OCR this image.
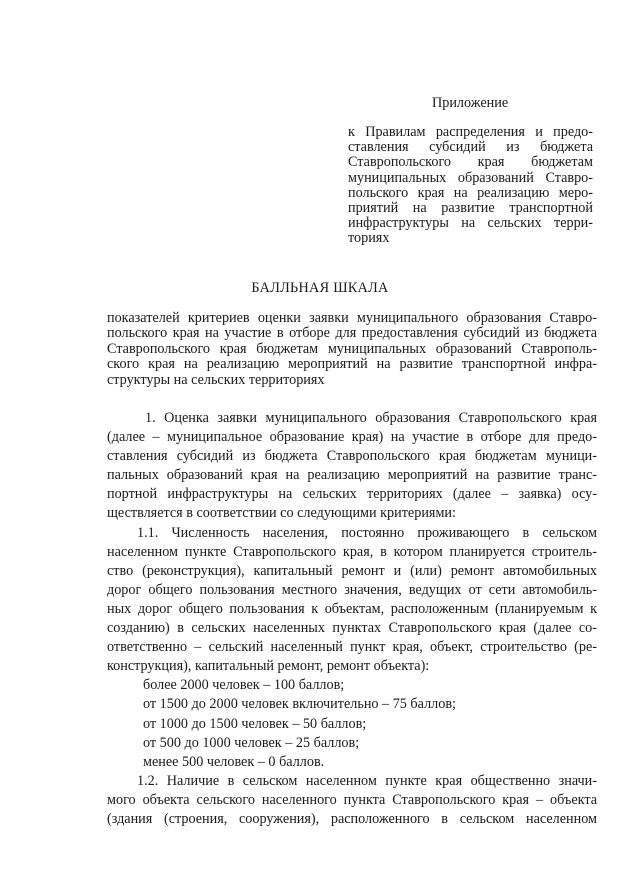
Приложение
к Правилам распределения и предо-
ставления субсидий из бюджета
Ставропольского края бюджетам
муниципальных образований Ставро-
польского края на реализацию меро-
приятий на развитие транспортной
инфраструктуры на сельских терри-
ториях
БАЛЛЬНАЯ ШКАЛА
показателей критериев оценки заявки муниципального образования Ставро-
польского края на участие в отборе для предоставления субсидий из бюджета
Ставропольского края бюджетам муниципальных образований Ставрополь-
ского края на реализацию мероприятий на развитие транспортной инфра-
структуры на сельских территориях
1. Оценка заявки муниципального образования Ставропольского края
(далее – муниципальное образование края) на участие в отборе для предо-
ставления субсидий из бюджета Ставропольского края бюджетам муници-
пальных образований края на реализацию мероприятий на развитие транс-
портной инфраструктуры на сельских территориях (далее – заявка) осу-
ществляется в соответствии со следующими критериями:
1.1. Численность населения, постоянно проживающего в сельском
населенном пункте Ставропольского края, в котором планируется строитель-
ство (реконструкция), капитальный ремонт и (или) ремонт автомобильных
дорог общего пользования местного значения, ведущих от сети автомобиль-
ных дорог общего пользования к объектам, расположенным (планируемым к
созданию) в сельских населенных пунктах Ставропольского края (далее со-
ответственно – сельский населенный пункт края, объект, строительство (ре-
конструкция), капитальный ремонт, ремонт объекта):
более 2000 человек – 100 баллов;
от 1500 до 2000 человек включительно – 75 баллов;
от 1000 до 1500 человек – 50 баллов;
от 500 до 1000 человек – 25 баллов;
менее 500 человек – 0 баллов.
1.2. Наличие в сельском населенном пункте края общественно значи-
мого объекта сельского населенного пункта Ставропольского края – объекта
(здания (строения, сооружения), расположенного в сельском населенном
